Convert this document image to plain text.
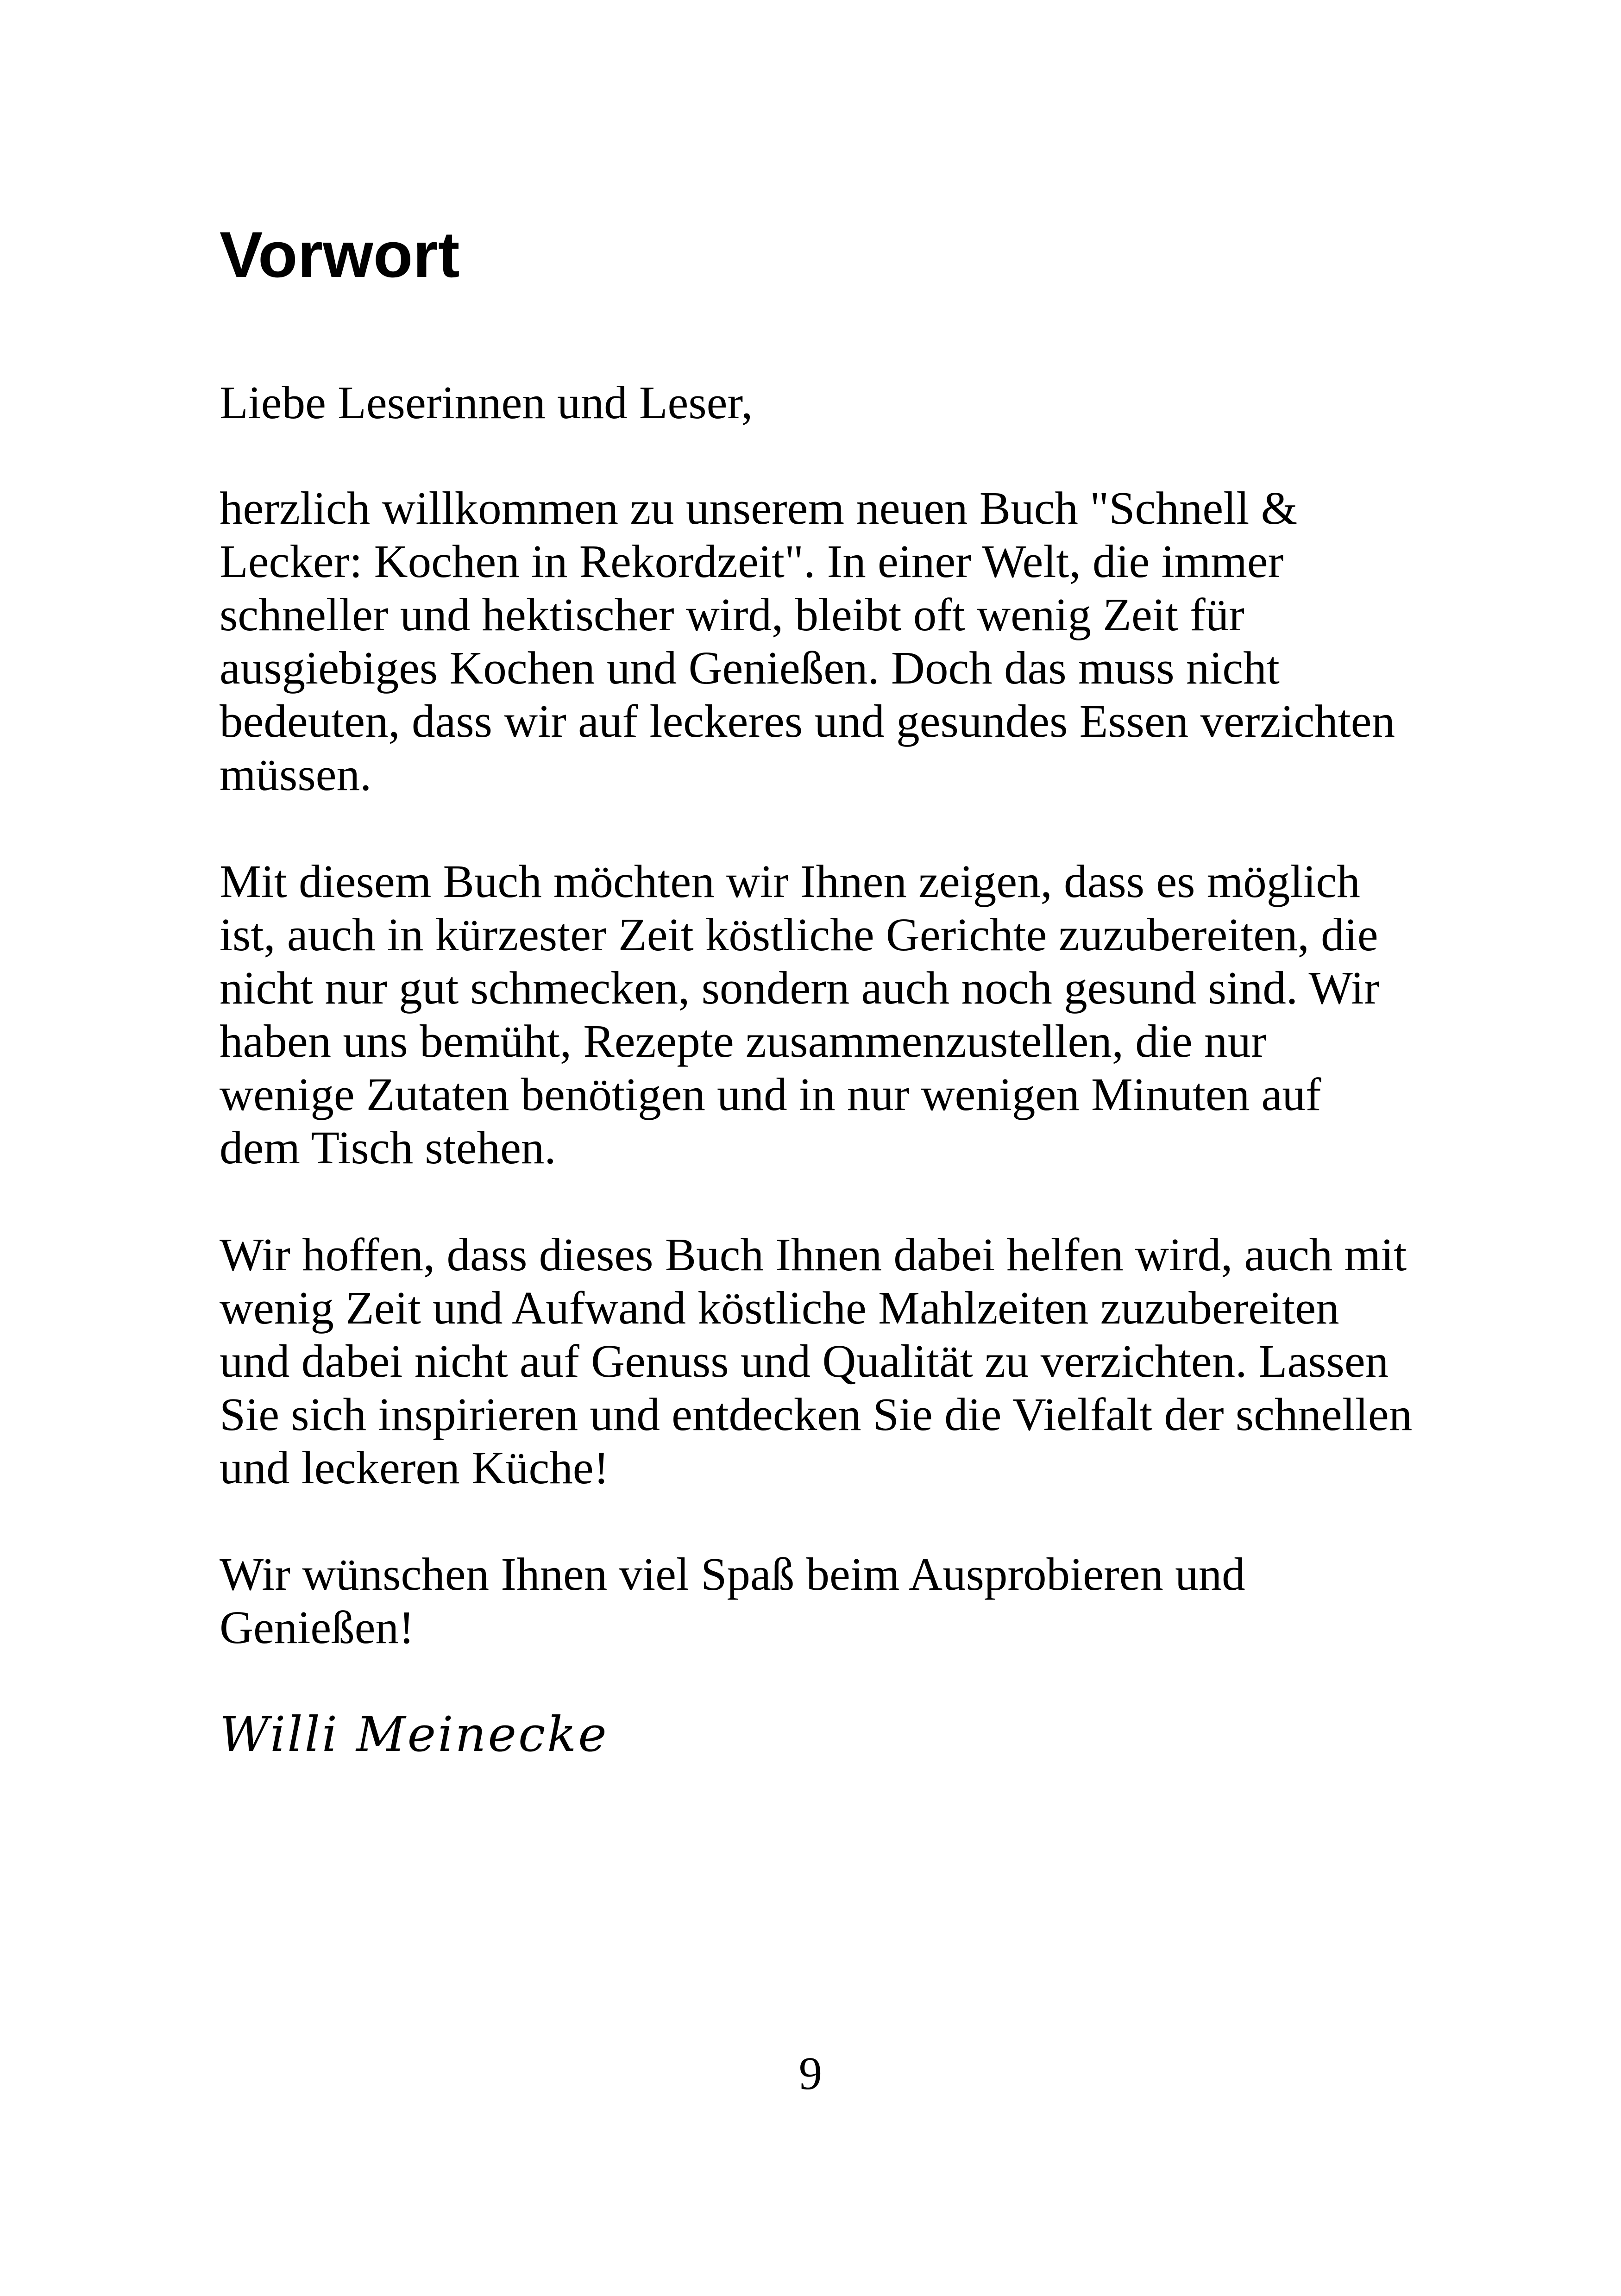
Vorwort

Liebe Leserinnen und Leser,

herzlich willkommen zu unserem neuen Buch "Schnell &
Lecker: Kochen in Rekordzeit". In einer Welt, die immer
schneller und hektischer wird, bleibt oft wenig Zeit für
ausgiebiges Kochen und Genießen. Doch das muss nicht
bedeuten, dass wir auf leckeres und gesundes Essen verzichten
müssen.

Mit diesem Buch möchten wir Ihnen zeigen, dass es möglich
ist, auch in kürzester Zeit köstliche Gerichte zuzubereiten, die
nicht nur gut schmecken, sondern auch noch gesund sind. Wir
haben uns bemüht, Rezepte zusammenzustellen, die nur
wenige Zutaten benötigen und in nur wenigen Minuten auf
dem Tisch stehen.

Wir hoffen, dass dieses Buch Ihnen dabei helfen wird, auch mit
wenig Zeit und Aufwand köstliche Mahlzeiten zuzubereiten
und dabei nicht auf Genuss und Qualität zu verzichten. Lassen
Sie sich inspirieren und entdecken Sie die Vielfalt der schnellen
und leckeren Küche!

Wir wünschen Ihnen viel Spaß beim Ausprobieren und
Genießen!

Willi Meinecke
9
